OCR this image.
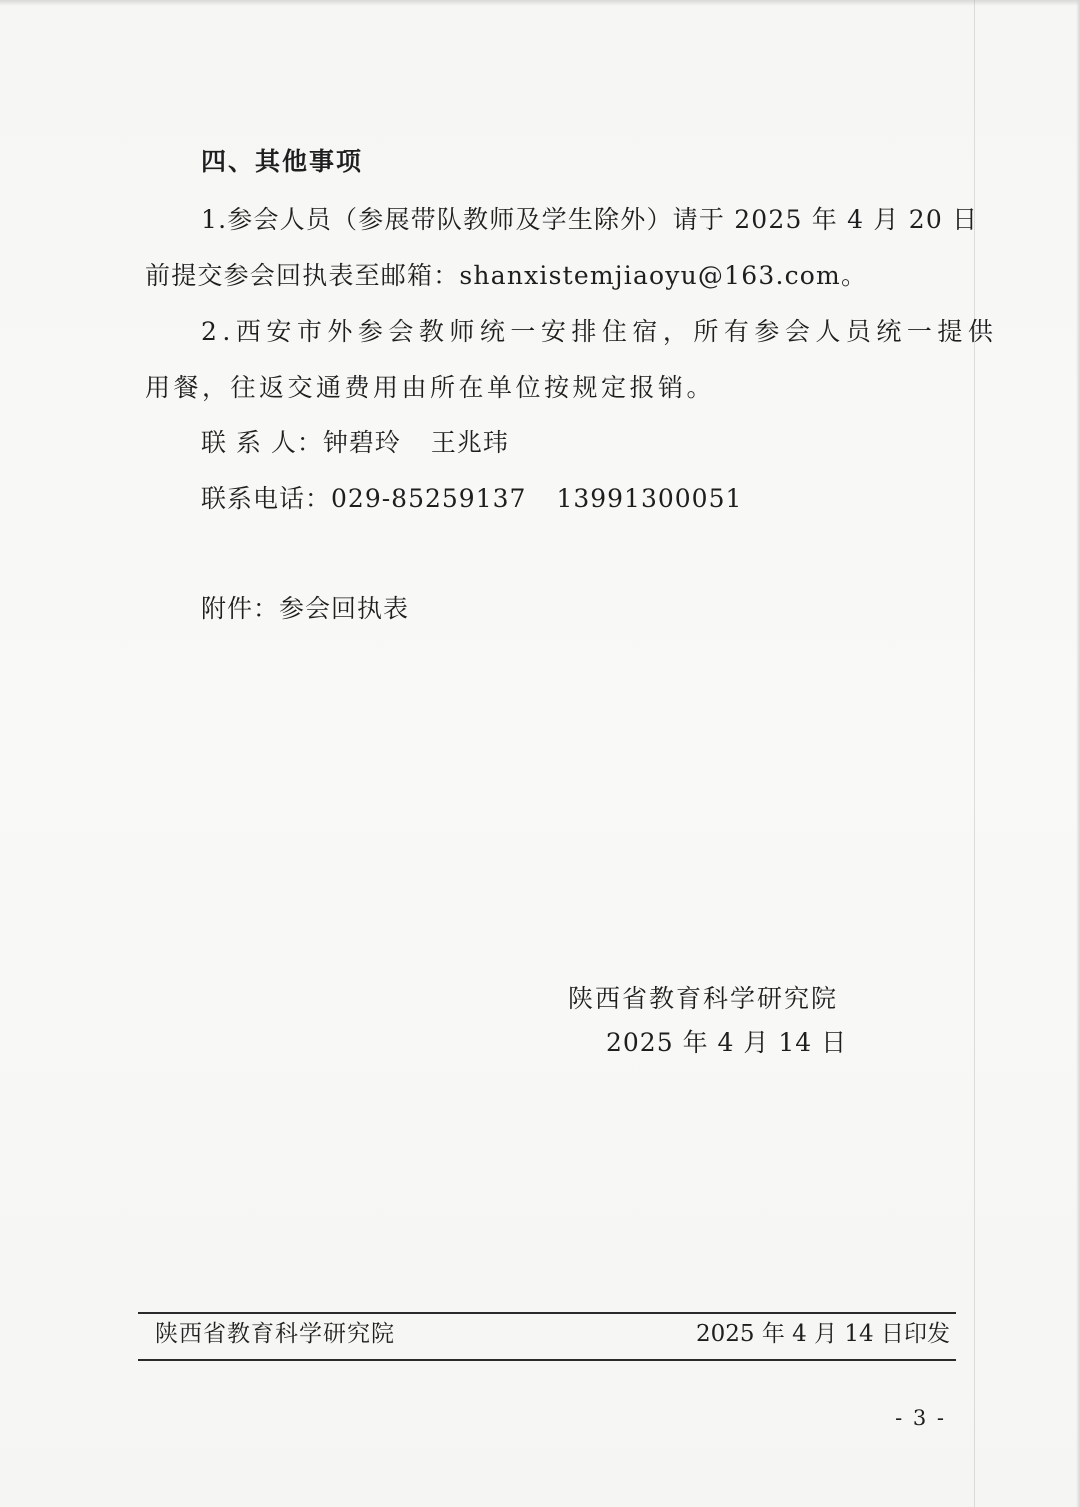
四、其他事项
1.参会人员（参展带队教师及学生除外）请于 2025 年 4 月 20 日
前提交参会回执表至邮箱：shanxistemjiaoyu@163.com。
2.西安市外参会教师统一安排住宿，所有参会人员统一提供
用餐，往返交通费用由所在单位按规定报销。
联 系 人：钟碧玲 王兆玮
联系电话：029-85259137 13991300051
附件：参会回执表
陕西省教育科学研究院
2025 年 4 月 14 日
陕西省教育科学研究院	2025 年 4 月 14 日印发
- 3 -
